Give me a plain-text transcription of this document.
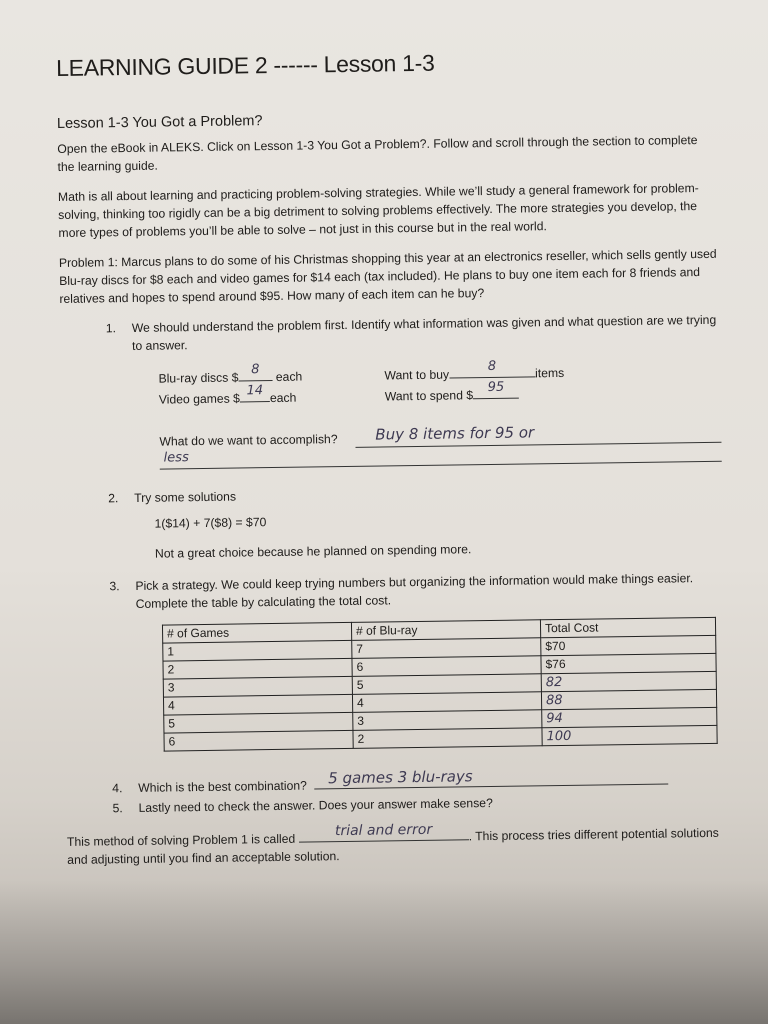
LEARNING GUIDE 2 ------ Lesson 1-3
Lesson 1-3 You Got a Problem?

Open the eBook in ALEKS. Click on Lesson 1-3 You Got a Problem?. Follow and scroll through the section to complete the learning guide.

Math is all about learning and practicing problem-solving strategies. While we’ll study a general framework for problem-solving, thinking too rigidly can be a big detriment to solving problems effectively. The more strategies you develop, the more types of problems you’ll be able to solve – not just in this course but in the real world.

Problem 1: Marcus plans to do some of his Christmas shopping this year at an electronics reseller, which sells gently used Blu-ray discs for $8 each and video games for $14 each (tax included). He plans to buy one item each for 8 friends and relatives and hopes to spend around $95. How many of each item can he buy?

1.	We should understand the problem first. Identify what information was given and what question are we trying to answer.
Blu-ray discs $
8	each
Video games $
14 each
Want to buy
8	items
Want to spend $
95
What do we want to accomplish?	Buy 8 items for 95 or
less
2.	Try some solutions
1($14) + 7($8) = $70
Not a great choice because he planned on spending more.
3.	Pick a strategy. We could keep trying numbers but organizing the information would make things easier. Complete the table by calculating the total cost.
# of Games	# of Blu-ray	Total Cost
1	7	$70
2	6	$76
3	5	82
4	4	88
5	3	94
6	2	100
4. Which is the best combination?	5 games 3 blu-rays
5. Lastly need to check the answer. Does your answer make sense?
This method of solving Problem 1 is called
trial and error	. This process tries different potential solutions and adjusting until you find an acceptable solution.
